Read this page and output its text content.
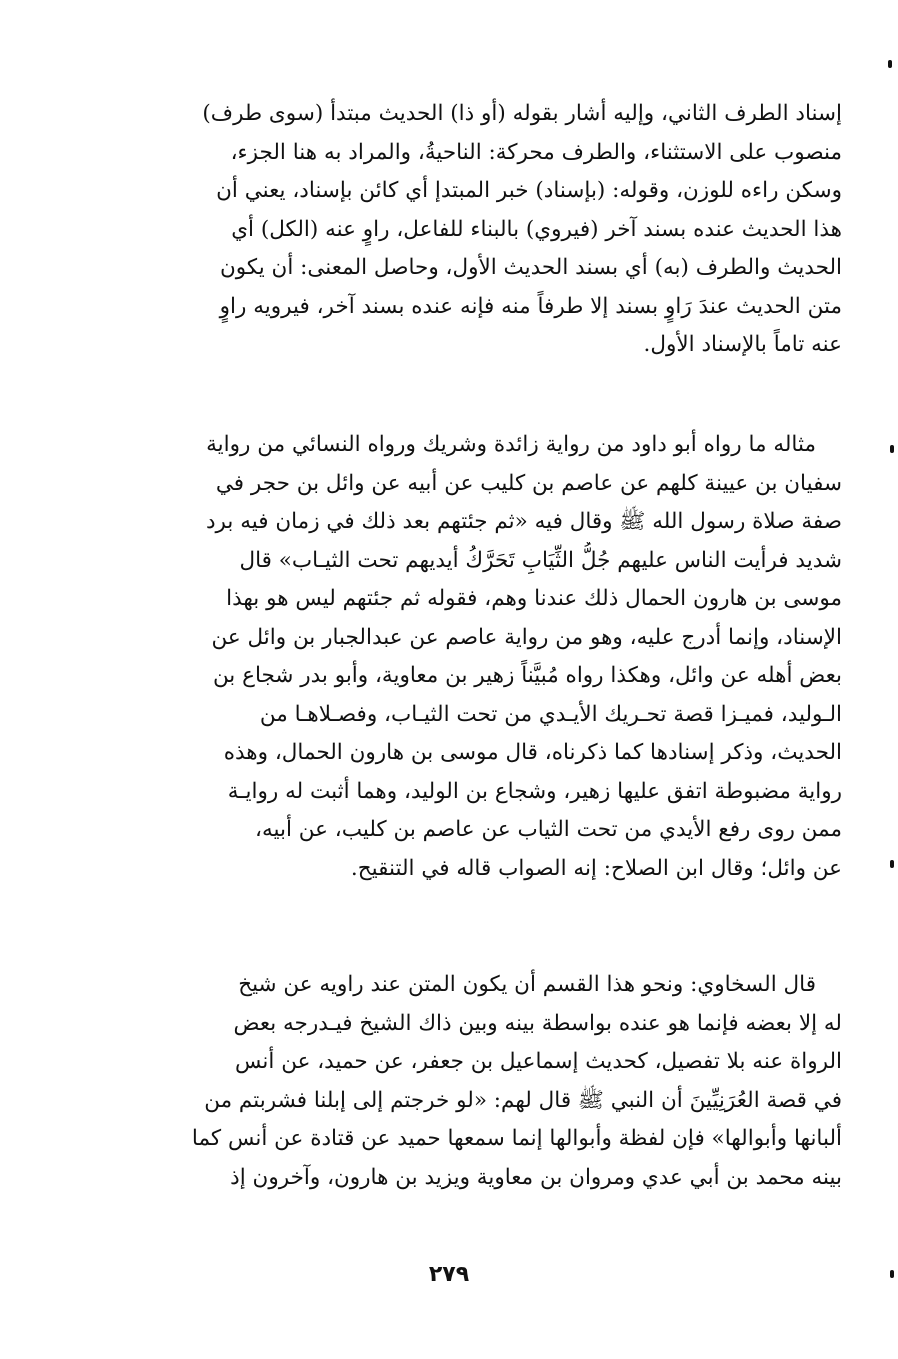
إسناد الطرف الثاني، وإليه أشار بقوله (أو ذا) الحديث مبتدأ (سوى طرف)
منصوب على الاستثناء، والطرف محركة: الناحيةُ، والمراد به هنا الجزء،
وسكن راءه للوزن، وقوله: (بإسناد) خبر المبتدإ أي كائن بإسناد، يعني أن
هذا الحديث عنده بسند آخر (فيروي) بالبناء للفاعل، راوٍ عنه (الكل) أي
الحديث والطرف (به) أي بسند الحديث الأول، وحاصل المعنى: أن يكون
متن الحديث عندَ رَاوٍ بسند إلا طرفاً منه فإنه عنده بسند آخر، فيرويه راوٍ
عنه تاماً بالإسناد الأول.
مثاله ما رواه أبو داود من رواية زائدة وشريك ورواه النسائي من رواية
سفيان بن عيينة كلهم عن عاصم بن كليب عن أبيه عن وائل بن حجر في
صفة صلاة رسول الله ﷺ وقال فيه «ثم جئتهم بعد ذلك في زمان فيه برد
شديد فرأيت الناس عليهم جُلُّ الثِّيَابِ تَحَرَّكُ أيديهم تحت الثيـاب» قال
موسى بن هارون الحمال ذلك عندنا وهم، فقوله ثم جئتهم ليس هو بهذا
الإسناد، وإنما أدرج عليه، وهو من رواية عاصم عن عبدالجبار بن وائل عن
بعض أهله عن وائل، وهكذا رواه مُبيَّناً زهير بن معاوية، وأبو بدر شجاع بن
الـوليد، فميـزا قصة تحـريك الأيـدي من تحت الثيـاب، وفصـلاهـا من
الحديث، وذكر إسنادها كما ذكرناه، قال موسى بن هارون الحمال، وهذه
رواية مضبوطة اتفق عليها زهير، وشجاع بن الوليد، وهما أثبت له روايـة
ممن روى رفع الأيدي من تحت الثياب عن عاصم بن كليب، عن أبيه،
عن وائل؛ وقال ابن الصلاح: إنه الصواب قاله في التنقيح.
قال السخاوي: ونحو هذا القسم أن يكون المتن عند راويه عن شيخ
له إلا بعضه فإنما هو عنده بواسطة بينه وبين ذاك الشيخ فيـدرجه بعض
الرواة عنه بلا تفصيل، كحديث إسماعيل بن جعفر، عن حميد، عن أنس
في قصة العُرَنِيِّينَ أن النبي ﷺ قال لهم: «لو خرجتم إلى إبلنا فشربتم من
ألبانها وأبوالها» فإن لفظة وأبوالها إنما سمعها حميد عن قتادة عن أنس كما
بينه محمد بن أبي عدي ومروان بن معاوية ويزيد بن هارون، وآخرون إذ
٢٧٩
